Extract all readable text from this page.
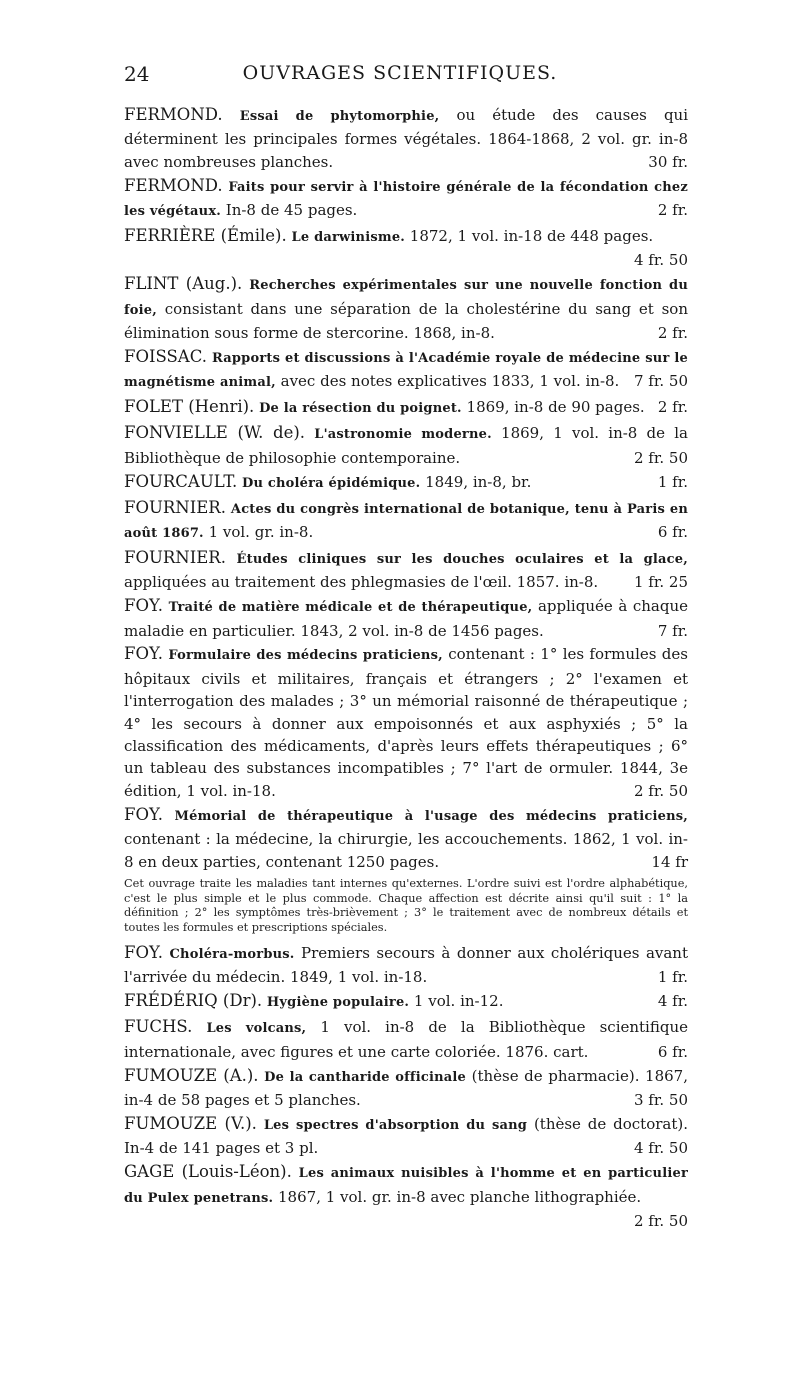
OUVRAGES SCIENTIFIQUES.
24

FERMOND. Essai de phytomorphie, ou étude des causes qui déterminent les principales formes végétales. 1864-1868, 2 vol. gr. in-8 avec nombreuses planches.	30 fr.

FERMOND. Faits pour servir à l'histoire générale de la fécondation chez les végétaux. In-8 de 45 pages.	2 fr.

FERRIÈRE (Émile). Le darwinisme. 1872, 1 vol. in-18 de 448 pages.
4 fr. 50

FLINT (Aug.). Recherches expérimentales sur une nouvelle fonction du foie, consistant dans une séparation de la cholestérine du sang et son élimination sous forme de stercorine. 1868, in-8.	2 fr.

FOISSAC. Rapports et discussions à l'Académie royale de médecine sur le magnétisme animal, avec des notes explicatives 1833, 1 vol. in-8. 7 fr. 50

FOLET (Henri). De la résection du poignet. 1869, in-8 de 90 pages. 2 fr.

FONVIELLE (W. de). L'astronomie moderne. 1869, 1 vol. in-8 de la Bibliothèque de philosophie contemporaine.	2 fr. 50

FOURCAULT. Du choléra épidémique. 1849, in-8, br.	1 fr.

FOURNIER. Actes du congrès international de botanique, tenu à Paris en août 1867. 1 vol. gr. in-8.	6 fr.

FOURNIER. Études cliniques sur les douches oculaires et la glace, appliquées au traitement des phlegmasies de l'œil. 1857. in-8.	1 fr. 25

FOY. Traité de matière médicale et de thérapeutique, appliquée à chaque maladie en particulier. 1843, 2 vol. in-8 de 1456 pages.	7 fr.

FOY. Formulaire des médecins praticiens, contenant : 1° les formules des hôpitaux civils et militaires, français et étrangers ; 2° l'examen et l'interrogation des malades ; 3° un mémorial raisonné de thérapeutique ; 4° les secours à donner aux empoisonnés et aux asphyxiés ; 5° la classification des médicaments, d'après leurs effets thérapeutiques ; 6° un tableau des substances incompatibles ; 7° l'art de ormuler. 1844, 3e édition, 1 vol. in-18.	2 fr. 50

FOY. Mémorial de thérapeutique à l'usage des médecins praticiens, contenant : la médecine, la chirurgie, les accouchements. 1862, 1 vol. in-8 en deux parties, contenant 1250 pages.	14 fr

Cet ouvrage traite les maladies tant internes qu'externes. L'ordre suivi est l'ordre alphabétique, c'est le plus simple et le plus commode. Chaque affection est décrite ainsi qu'il suit : 1° la définition ; 2° les symptômes très-brièvement ; 3° le traitement avec de nombreux détails et toutes les formules et prescriptions spéciales.

FOY. Choléra-morbus. Premiers secours à donner aux cholériques avant l'arrivée du médecin. 1849, 1 vol. in-18.	1 fr.

FRÉDÉRIQ (Dr). Hygiène populaire. 1 vol. in-12.	4 fr.

FUCHS. Les volcans, 1 vol. in-8 de la Bibliothèque scientifique internationale, avec figures et une carte coloriée. 1876. cart.	6 fr.

FUMOUZE (A.). De la cantharide officinale (thèse de pharmacie). 1867, in-4 de 58 pages et 5 planches.	3 fr. 50

FUMOUZE (V.). Les spectres d'absorption du sang (thèse de doctorat). In-4 de 141 pages et 3 pl.	4 fr. 50

GAGE (Louis-Léon). Les animaux nuisibles à l'homme et en particulier du Pulex penetrans. 1867, 1 vol. gr. in-8 avec planche lithographiée.
2 fr. 50
